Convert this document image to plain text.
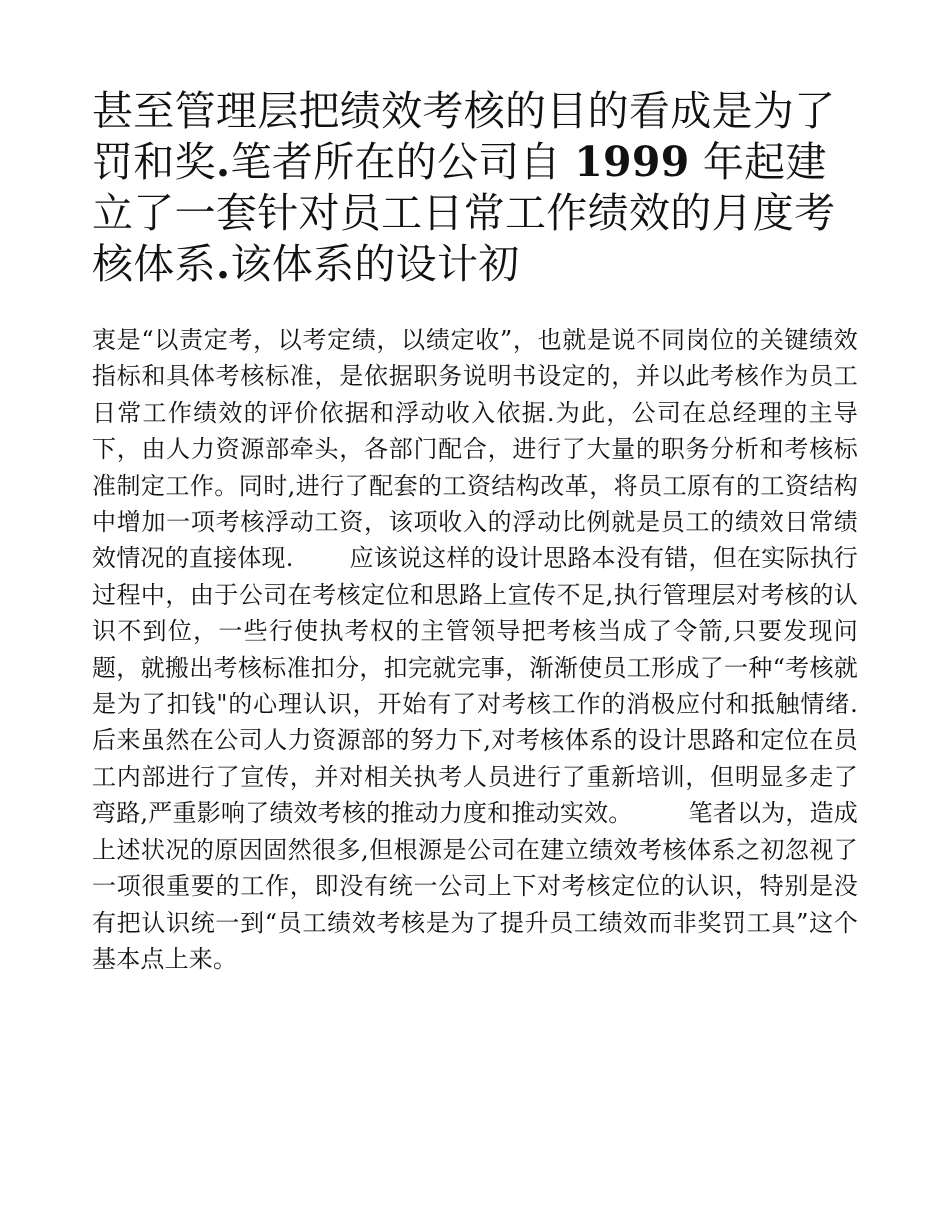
甚至管理层把绩效考核的目的看成是为了罚和奖.笔者所在的公司自 1999 年起建立了一套针对员工日常工作绩效的月度考核体系.该体系的设计初

衷是“以责定考，以考定绩，以绩定收”，也就是说不同岗位的关键绩效指标和具体考核标准，是依据职务说明书设定的，并以此考核作为员工日常工作绩效的评价依据和浮动收入依据.为此，公司在总经理的主导下，由人力资源部牵头，各部门配合，进行了大量的职务分析和考核标准制定工作。同时,进行了配套的工资结构改革，将员工原有的工资结构中增加一项考核浮动工资，该项收入的浮动比例就是员工的绩效日常绩效情况的直接体现. 应该说这样的设计思路本没有错，但在实际执行过程中，由于公司在考核定位和思路上宣传不足,执行管理层对考核的认识不到位，一些行使执考权的主管领导把考核当成了令箭,只要发现问题，就搬出考核标准扣分，扣完就完事，渐渐使员工形成了一种“考核就是为了扣钱"的心理认识，开始有了对考核工作的消极应付和抵触情绪.后来虽然在公司人力资源部的努力下,对考核体系的设计思路和定位在员工内部进行了宣传，并对相关执考人员进行了重新培训，但明显多走了弯路,严重影响了绩效考核的推动力度和推动实效。 笔者以为，造成上述状况的原因固然很多,但根源是公司在建立绩效考核体系之初忽视了一项很重要的工作，即没有统一公司上下对考核定位的认识，特别是没有把认识统一到“员工绩效考核是为了提升员工绩效而非奖罚工具”这个基本点上来。
